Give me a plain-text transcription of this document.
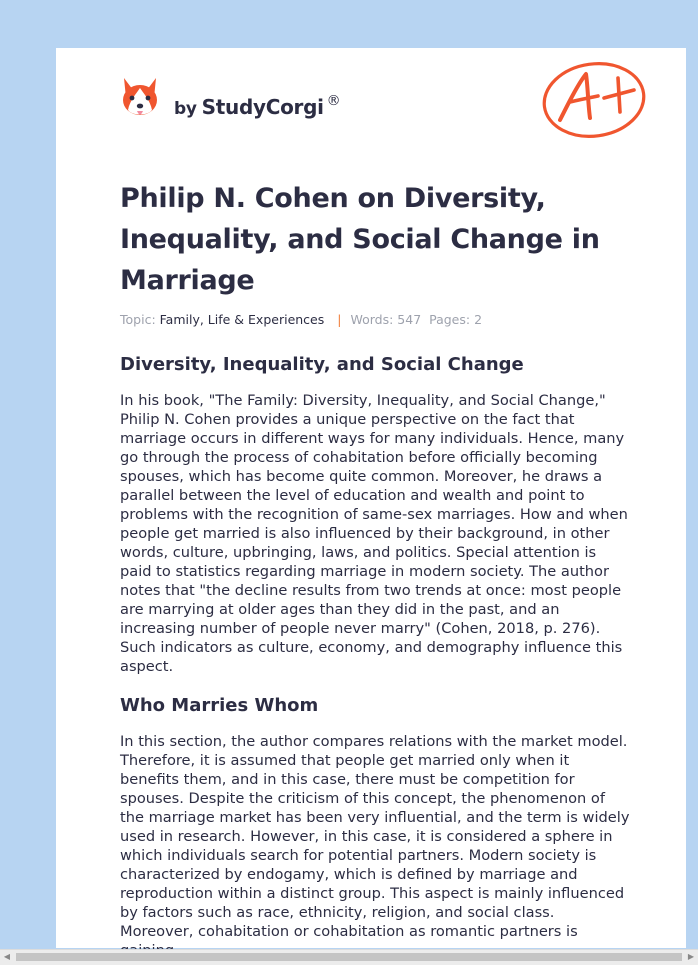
by StudyCorgi ®
Philip N. Cohen on Diversity, Inequality, and Social Change in Marriage
Topic: Family, Life & Experiences | Words: 547 Pages: 2
Diversity, Inequality, and Social Change

In his book, "The Family: Diversity, Inequality, and Social Change," Philip N. Cohen provides a unique perspective on the fact that marriage occurs in different ways for many individuals. Hence, many go through the process of cohabitation before officially becoming spouses, which has become quite common. Moreover, he draws a parallel between the level of education and wealth and point to problems with the recognition of same-sex marriages. How and when people get married is also influenced by their background, in other words, culture, upbringing, laws, and politics. Special attention is paid to statistics regarding marriage in modern society. The author notes that "the decline results from two trends at once: most people are marrying at older ages than they did in the past, and an increasing number of people never marry" (Cohen, 2018, p. 276). Such indicators as culture, economy, and demography influence this aspect.

Who Marries Whom

In this section, the author compares relations with the market model. Therefore, it is assumed that people get married only when it benefits them, and in this case, there must be competition for spouses. Despite the criticism of this concept, the phenomenon of the marriage market has been very influential, and the term is widely used in research. However, in this case, it is considered a sphere in which individuals search for potential partners. Modern society is characterized by endogamy, which is defined by marriage and reproduction within a distinct group. This aspect is mainly influenced by factors such as race, ethnicity, religion, and social class. Moreover, cohabitation or cohabitation as romantic partners is

◀	▶
